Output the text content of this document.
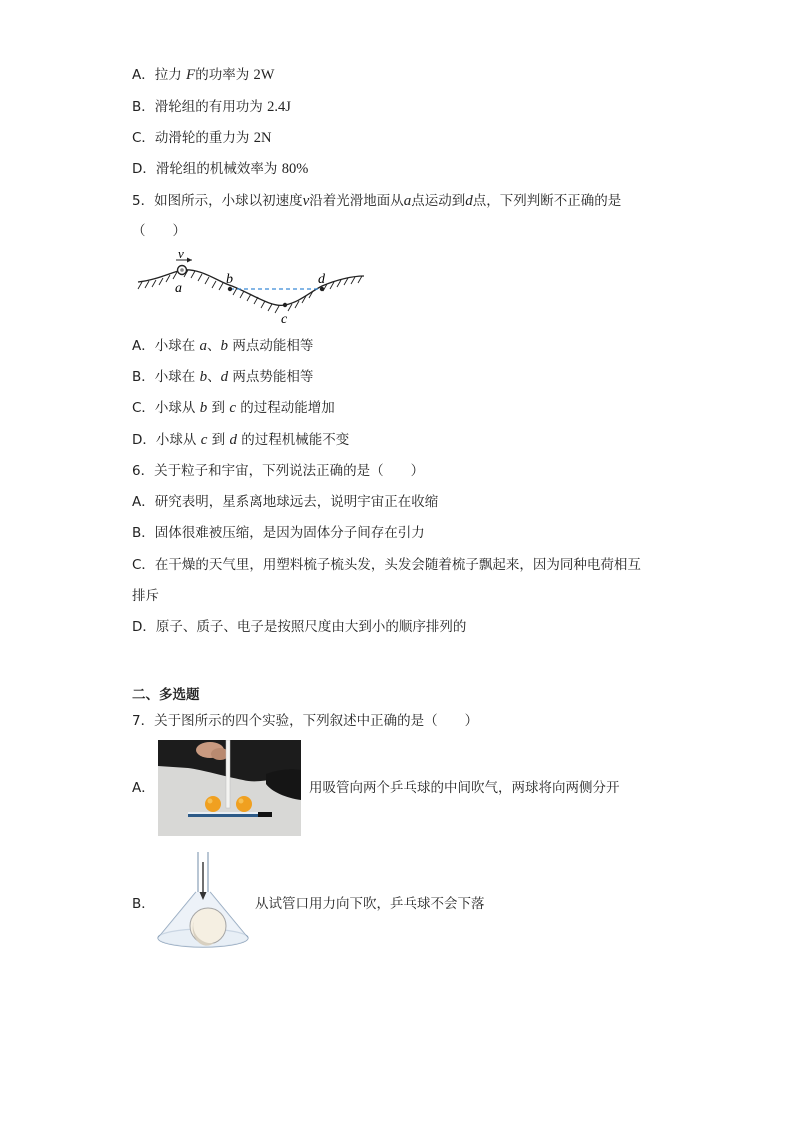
A．拉力 F的功率为 2W
B．滑轮组的有用功为 2.4J
C．动滑轮的重力为 2N
D．滑轮组的机械效率为 80%
5．如图所示，小球以初速度v沿着光滑地面从a点运动到d点，下列判断不正确的是
（　　）
v
a
b
c
d
A．小球在 a、b 两点动能相等
B．小球在 b、d 两点势能相等
C．小球从 b 到 c 的过程动能增加
D．小球从 c 到 d 的过程机械能不变
6．关于粒子和宇宙，下列说法正确的是（　　）
A．研究表明，星系离地球远去，说明宇宙正在收缩
B．固体很难被压缩，是因为固体分子间存在引力
C．在干燥的天气里，用塑料梳子梳头发，头发会随着梳子飘起来，因为同种电荷相互
排斥
D．原子、质子、电子是按照尺度由大到小的顺序排列的
二、多选题
7．关于图所示的四个实验，下列叙述中正确的是（　　）
A．	用吸管向两个乒乓球的中间吹气，两球将向两侧分开
B．	从试管口用力向下吹，乒乓球不会下落
